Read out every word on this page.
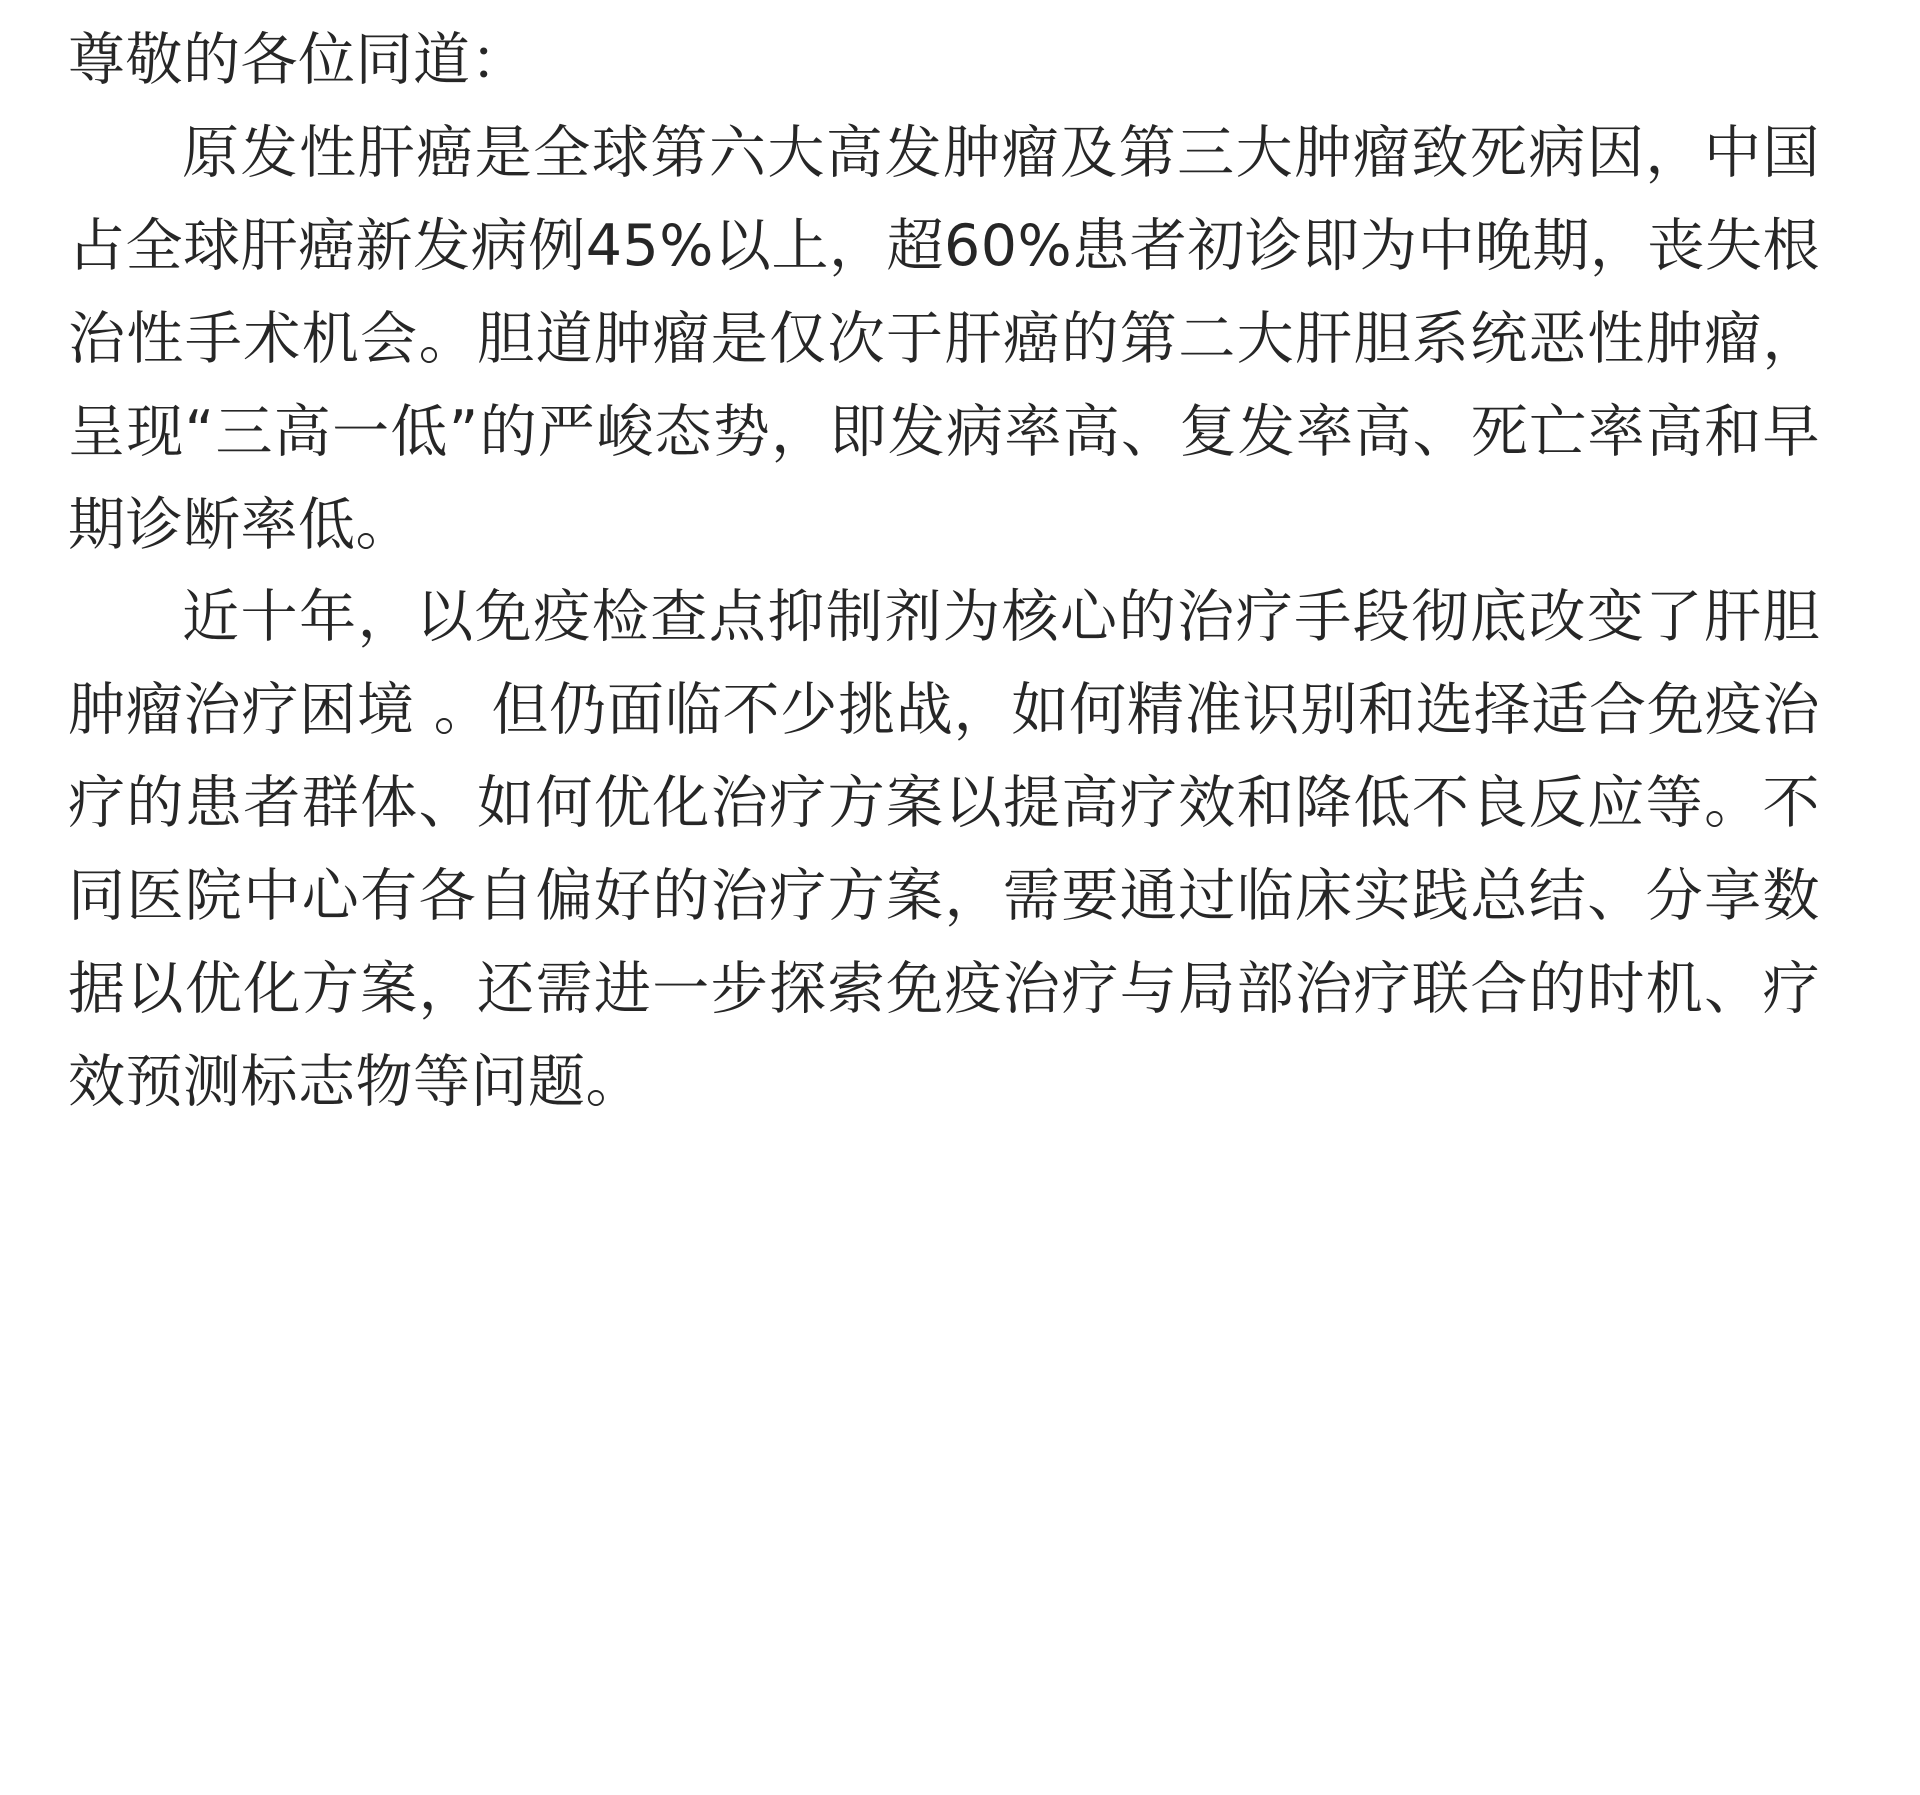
尊敬的各位同道：

原发性肝癌是全球第六大高发肿瘤及第三大肿瘤致死病因，中国占全球肝癌新发病例45%以上，超60%患者初诊即为中晚期，丧失根治性手术机会。胆道肿瘤是仅次于肝癌的第二大肝胆系统恶性肿瘤，呈现“三高一低”的严峻态势，即发病率高、复发率高、死亡率高和早期诊断率低。

近十年，以免疫检查点抑制剂为核心的治疗手段彻底改变了肝胆肿瘤治疗困境 。但仍面临不少挑战，如何精准识别和选择适合免疫治疗的患者群体、如何优化治疗方案以提高疗效和降低不良反应等。不同医院中心有各自偏好的治疗方案，需要通过临床实践总结、分享数据以优化方案，还需进一步探索免疫治疗与局部治疗联合的时机、疗效预测标志物等问题。
